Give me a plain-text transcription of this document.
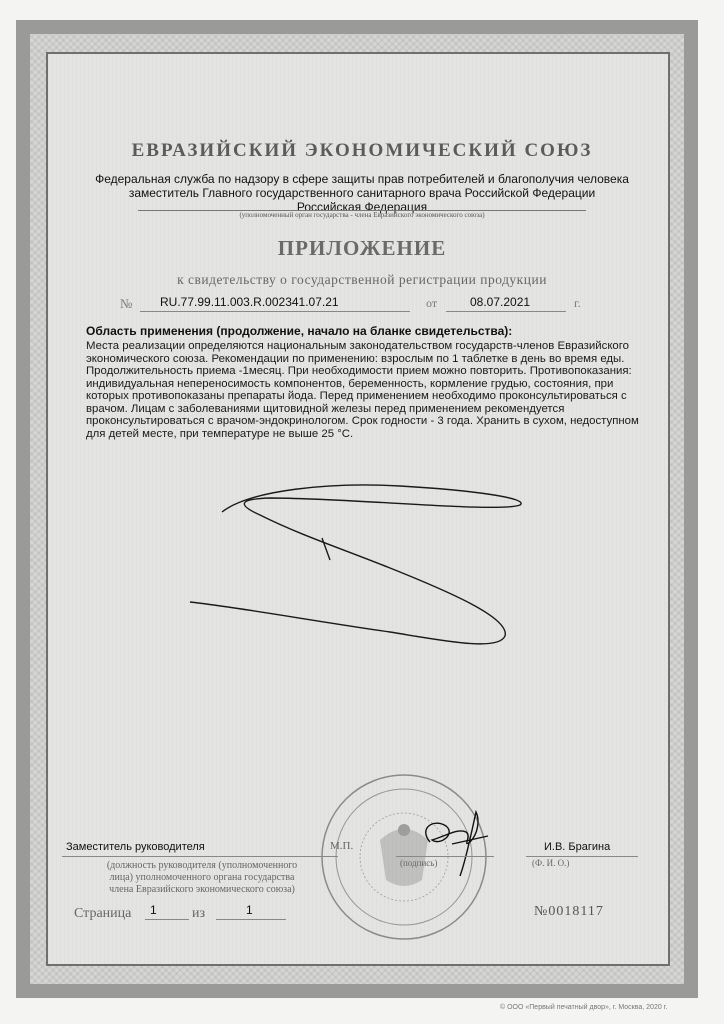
ЕВРАЗИЙСКИЙ ЭКОНОМИЧЕСКИЙ СОЮЗ
Федеральная служба по надзору в сфере защиты прав потребителей и благополучия человека
заместитель Главного государственного санитарного врача Российской Федерации
Российская Федерация
(уполномоченный орган государства - члена Евразийского экономического союза)
ПРИЛОЖЕНИЕ
к свидетельству о государственной регистрации продукции
№ RU.77.99.11.003.R.002341.07.21	от	08.07.2021	г.
Область применения (продолжение, начало на бланке свидетельства):
Места реализации определяются национальным законодательством государств-членов Евразийского экономического союза. Рекомендации по применению: взрослым по 1 таблетке в день во время еды. Продолжительность приема -1месяц. При необходимости прием можно повторить. Противопоказания: индивидуальная непереносимость компонентов, беременность, кормление грудью, состояния, при которых противопоказаны препараты йода. Перед применением необходимо проконсультироваться с врачом. Лицам с заболеваниями щитовидной железы перед применением рекомендуется проконсультироваться с врачом-эндокринологом. Срок годности - 3 года. Хранить в сухом, недоступном для детей месте, при температуре не выше 25 °С.
Заместитель руководителя
(должность руководителя (уполномоченного
лица) уполномоченного органа государства
члена Евразийского экономического союза)
М.П.
(подпись)
И.В. Брагина
(Ф. И. О.)
Страница 1	из	1	№0018117
© ООО «Первый печатный двор», г. Москва, 2020 г.
